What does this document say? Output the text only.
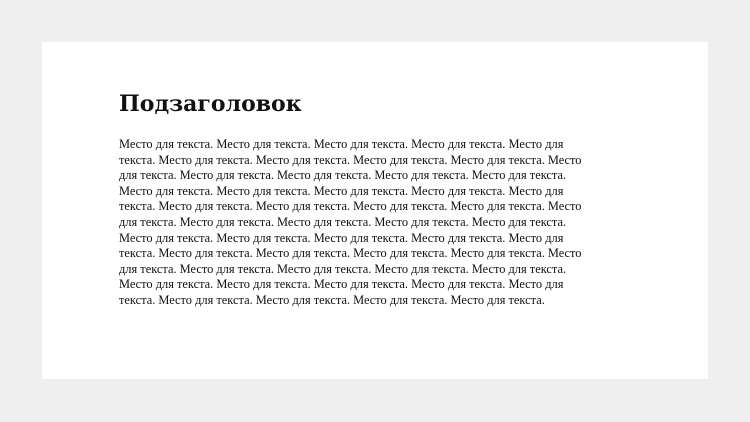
Подзаголовок

Место для текста. Место для текста. Место для текста. Место для текста. Место для
текста. Место для текста. Место для текста. Место для текста. Место для текста. Место
для текста. Место для текста. Место для текста. Место для текста. Место для текста.
Место для текста. Место для текста. Место для текста. Место для текста. Место для
текста. Место для текста. Место для текста. Место для текста. Место для текста. Место
для текста. Место для текста. Место для текста. Место для текста. Место для текста.
Место для текста. Место для текста. Место для текста. Место для текста. Место для
текста. Место для текста. Место для текста. Место для текста. Место для текста. Место
для текста. Место для текста. Место для текста. Место для текста. Место для текста.
Место для текста. Место для текста. Место для текста. Место для текста. Место для
текста. Место для текста. Место для текста. Место для текста. Место для текста.
